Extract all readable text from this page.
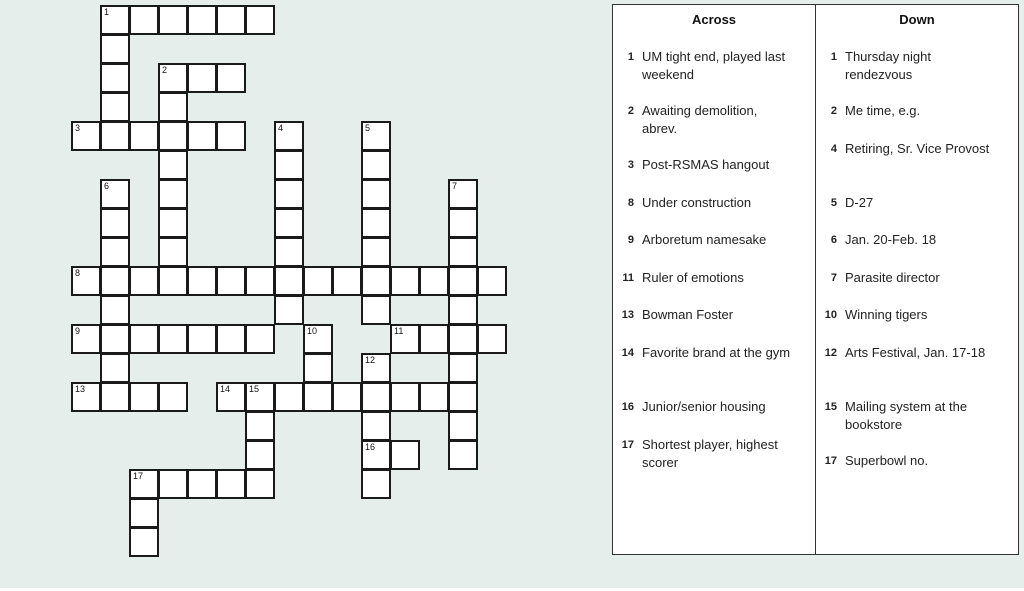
1
2
3	4	5
6	7
8
9	10	11
12
13	14 15
16
17
Across
1 UM tight end, played last weekend
2 Awaiting demolition, abrev.
3 Post-RSMAS hangout
8 Under construction
9 Arboretum namesake
11 Ruler of emotions
13 Bowman Foster
14 Favorite brand at the gym
16 Junior/senior housing
17 Shortest player, highest scorer
Down
1 Thursday night rendezvous
2 Me time, e.g.
4 Retiring, Sr. Vice Provost
5 D-27
6 Jan. 20-Feb. 18
7 Parasite director
10 Winning tigers
12 Arts Festival, Jan. 17-18
15 Mailing system at the bookstore
17 Superbowl no.
